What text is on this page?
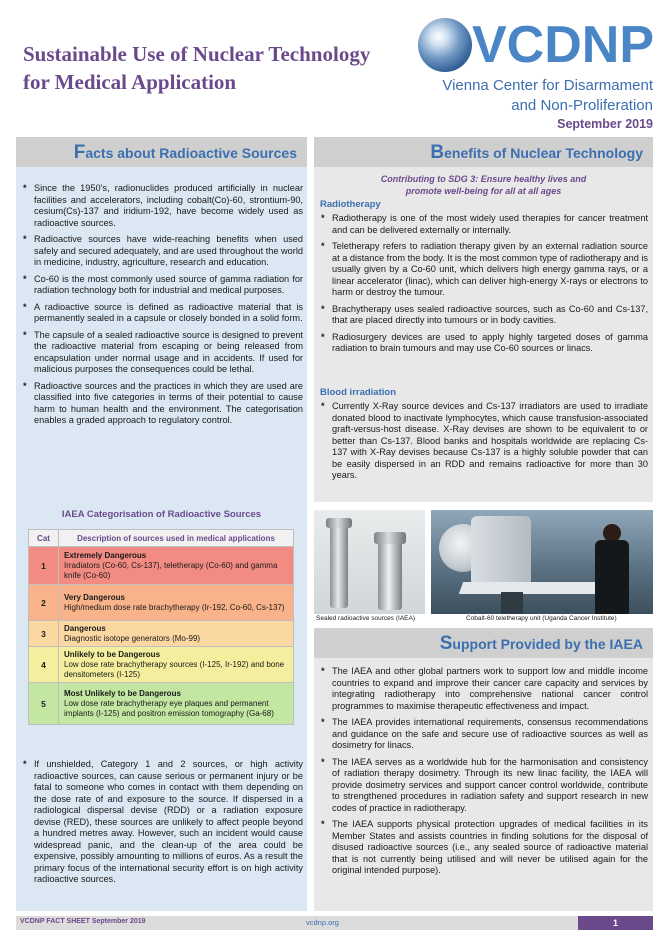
Sustainable Use of Nuclear Technology
for Medical Application
VCDNP
Vienna Center for Disarmament
and Non-Proliferation
September 2019
Facts about Radioactive Sources
* Since the 1950’s, radionuclides produced artificially in nuclear facilities and accelerators, including cobalt(Co)-60, strontium-90, cesium(Cs)-137 and iridium-192, have become widely used as radioactive sources.
* Radioactive sources have wide-reaching benefits when used safely and secured adequately, and are used throughout the world in medicine, industry, agriculture, research and education.
* Co-60 is the most commonly used source of gamma radiation for radiation technology both for industrial and medical purposes.
* A radioactive source is defined as radioactive material that is permanently sealed in a capsule or closely bonded in a solid form.
* The capsule of a sealed radioactive source is designed to prevent the radioactive material from escaping or being released from encapsulation under normal usage and in accidents. If used for malicious purposes the consequences could be lethal.
* Radioactive sources and the practices in which they are used are classified into five categories in terms of their potential to cause harm to human health and the environment. The categorisation enables a graded approach to regulatory control.
IAEA Categorisation of Radioactive Sources
Cat	Description of sources used in medical applications
1	Extremely Dangerous
Irradiators (Co-60, Cs-137), teletherapy (Co-60) and gamma knife (Co-60)
2	Very Dangerous
High/medium dose rate brachytherapy (Ir-192, Co-60, Cs-137)
3	Dangerous
Diagnostic isotope generators (Mo-99)
4	Unlikely to be Dangerous
Low dose rate brachytherapy sources (I-125, Ir-192) and bone densitometers (I-125)
5	Most Unlikely to be Dangerous
Low dose rate brachytherapy eye plaques and permanent implants (I-125) and positron emission tomography (Ga-68)
* If unshielded, Category 1 and 2 sources, or high activity radioactive sources, can cause serious or permanent injury or be fatal to someone who comes in contact with them depending on the dose rate of and exposure to the source. If dispersed in a radiological dispersal devise (RDD) or a radiation exposure devise (RED), these sources are unlikely to affect people beyond a hundred metres away. However, such an incident would cause widespread panic, and the clean-up of the area could be expensive, possibly amounting to millions of euros. As a result the primary focus of the international security effort is on high activity radioactive sources.
Benefits of Nuclear Technology
Contributing to SDG 3: Ensure healthy lives and
promote well-being for all at all ages
Radiotherapy
* Radiotherapy is one of the most widely used therapies for cancer treatment and can be delivered externally or internally.
* Teletherapy refers to radiation therapy given by an external radiation source at a distance from the body. It is the most common type of radiotherapy and is usually given by a Co-60 unit, which delivers high energy gamma rays, or a linear accelerator (linac), which can deliver high-energy X-rays or electrons to harm or destroy the tumour.
* Brachytherapy uses sealed radioactive sources, such as Co-60 and Cs-137, that are placed directly into tumours or in body cavities.
* Radiosurgery devices are used to apply highly targeted doses of gamma radiation to brain tumours and may use Co-60 sources or linacs.
Blood irradiation
* Currently X-Ray source devices and Cs-137 irradiators are used to irradiate donated blood to inactivate lymphocytes, which cause transfusion-associated graft-versus-host disease. X-Ray devises are shown to be equivalent to or better than Cs-137. Blood banks and hospitals worldwide are replacing Cs-137 with X-Ray devises because Cs-137 is a highly soluble powder that can be easily dispersed in an RDD and remains radioactive for more than 30 years.
Sealed radioactive sources (IAEA)	Cobalt-60 teletherapy unit (Uganda Cancer Institute)
Support Provided by the IAEA
* The IAEA and other global partners work to support low and middle income countries to expand and improve their cancer care capacity and services by integrating radiotherapy into comprehensive national cancer control programmes to maximise therapeutic effectiveness and impact.
* The IAEA provides international requirements, consensus recommendations and guidance on the safe and secure use of radioactive sources as well as dosimetry for linacs.
* The IAEA serves as a worldwide hub for the harmonisation and consistency of radiation therapy dosimetry. Through its new linac facility, the IAEA will provide dosimetry services and support cancer control worldwide, contribute to strengthened procedures in radiation safety and support research in new codes of practice in radiotherapy.
* The IAEA supports physical protection upgrades of medical facilities in its Member States and assists countries in finding solutions for the disposal of disused radioactive sources (i.e., any sealed source of radioactive material that is not currently being utilised and will never be utilised again for the original intended purpose).
VCDNP FACT SHEET September 2019	vcdnp.org	1
